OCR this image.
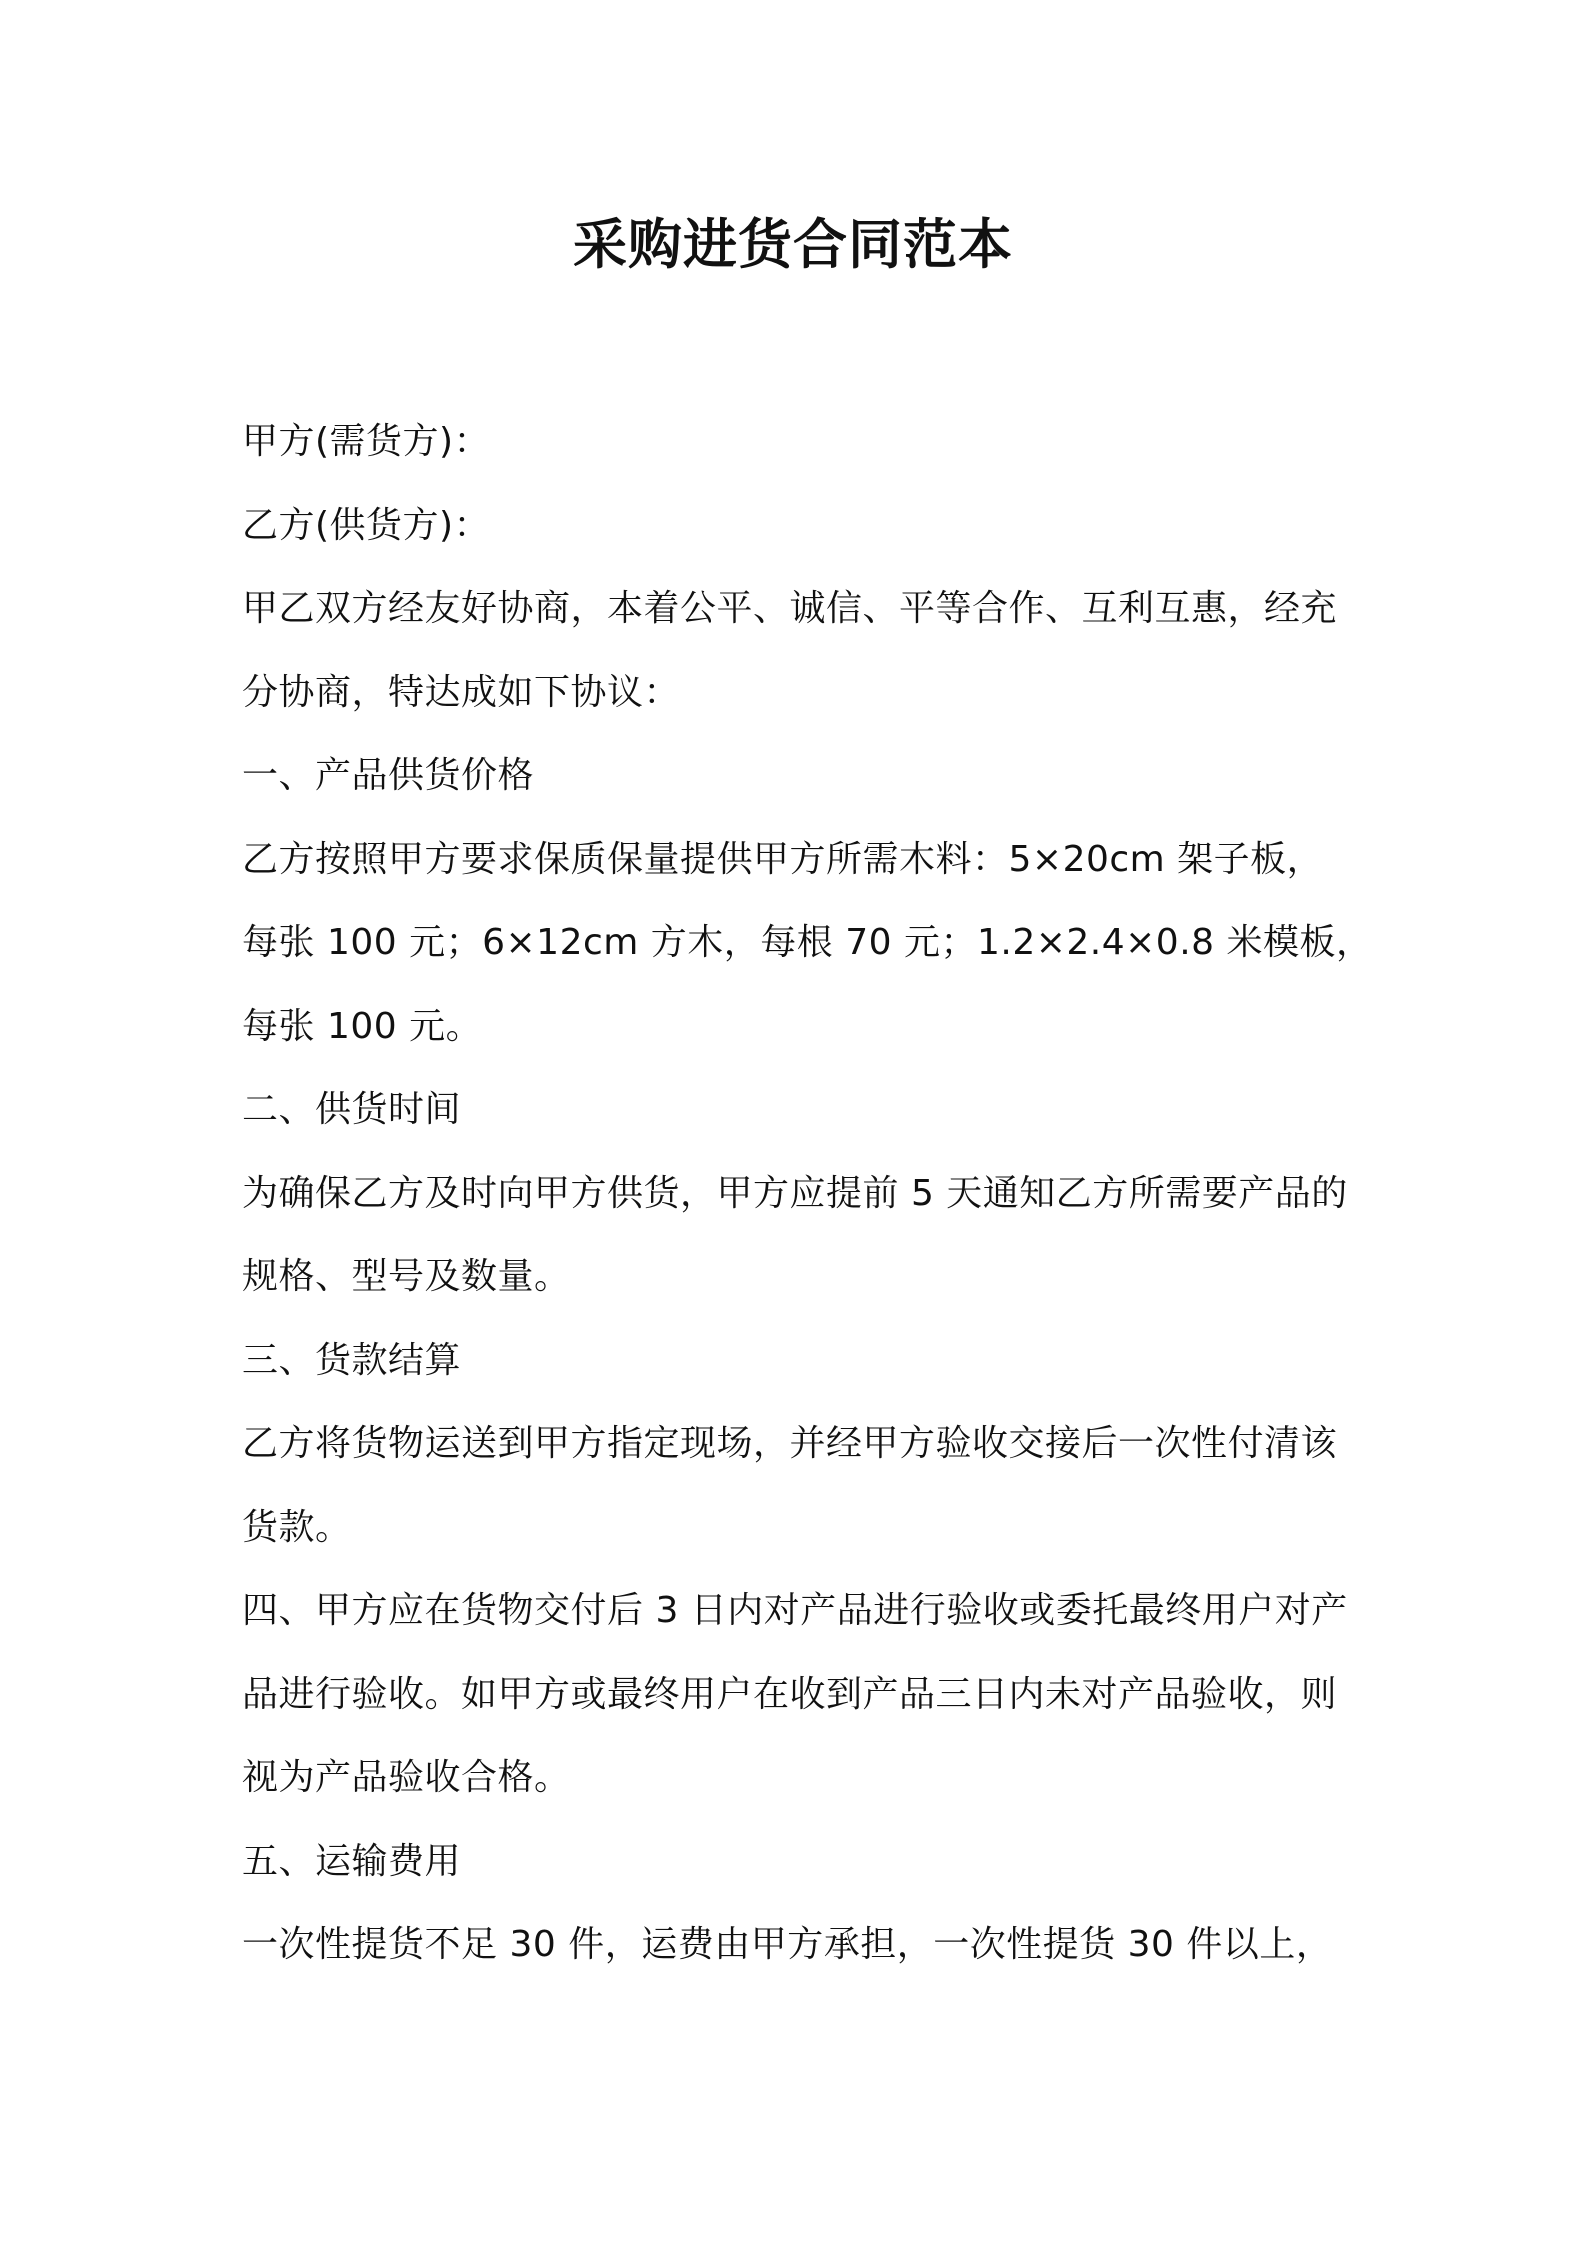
采购进货合同范本
甲方(需货方)：
乙方(供货方)：
甲乙双方经友好协商，本着公平、诚信、平等合作、互利互惠，经充
分协商，特达成如下协议：
一、产品供货价格
乙方按照甲方要求保质保量提供甲方所需木料：5×20cm 架子板，
每张 100 元；6×12cm 方木，每根 70 元；1.2×2.4×0.8 米模板，
每张 100 元。
二、供货时间
为确保乙方及时向甲方供货，甲方应提前 5 天通知乙方所需要产品的
规格、型号及数量。
三、货款结算
乙方将货物运送到甲方指定现场，并经甲方验收交接后一次性付清该
货款。
四、甲方应在货物交付后 3 日内对产品进行验收或委托最终用户对产
品进行验收。如甲方或最终用户在收到产品三日内未对产品验收，则
视为产品验收合格。
五、运输费用
一次性提货不足 30 件，运费由甲方承担，一次性提货 30 件以上，
